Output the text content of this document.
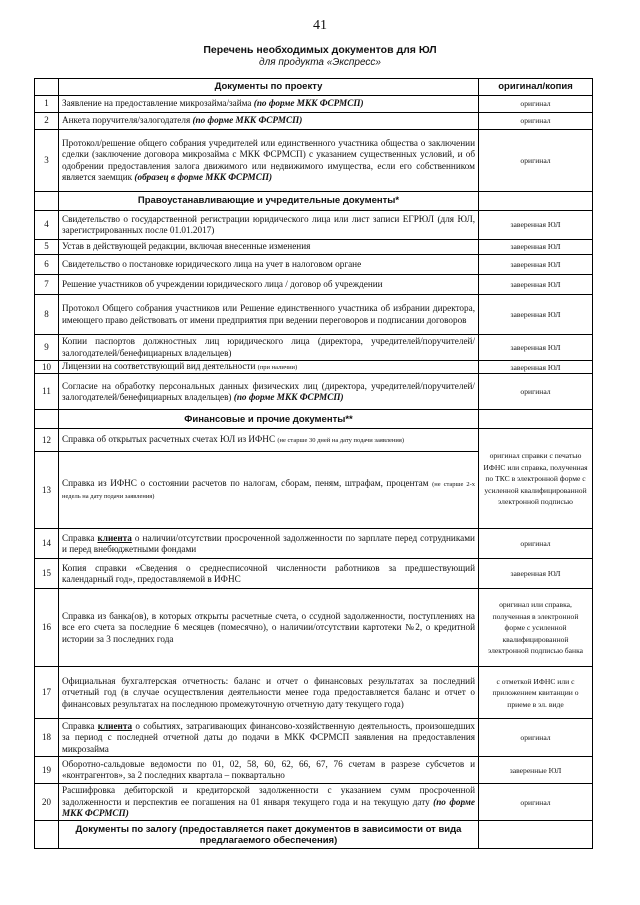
41
Перечень необходимых документов для ЮЛ
для продукта «Экспресс»
	Документы по проекту	оригинал/копия
1	Заявление на предоставление микрозайма/займа (по форме МКК ФСРМСП)	оригинал
2	Анкета поручителя/залогодателя (по форме МКК ФСРМСП)	оригинал
3	Протокол/решение общего собрания учредителей или единственного участника общества о заключении сделки (заключение договора микрозайма с МКК ФСРМСП) с указанием существенных условий, и об одобрении предоставления залога движимого или недвижимого имущества, если его собственником является заемщик (образец в форме МКК ФСРМСП)	оригинал
	Правоустанавливающие и учредительные документы*	
4	Свидетельство о государственной регистрации юридического лица или лист записи ЕГРЮЛ (для ЮЛ, зарегистрированных после 01.01.2017)	заверенная ЮЛ
5	Устав в действующей редакции, включая внесенные изменения	заверенная ЮЛ
6	Свидетельство о постановке юридического лица на учет в налоговом органе	заверенная ЮЛ
7	Решение участников об учреждении юридического лица / договор об учреждении	заверенная ЮЛ
8	Протокол Общего собрания участников или Решение единственного участника об избрании директора, имеющего право действовать от имени предприятия при ведении переговоров и подписании договоров	заверенная ЮЛ
9	Копии паспортов должностных лиц юридического лица (директора, учредителей/поручителей/залогодателей/бенефициарных владельцев)	заверенная ЮЛ
10	Лицензии на соответствующий вид деятельности (при наличии)	заверенная ЮЛ
11	Согласие на обработку персональных данных физических лиц (директора, учредителей/поручителей/залогодателей/бенефициарных владельцев) (по форме МКК ФСРМСП)	оригинал
	Финансовые и прочие документы**	
12	Справка об открытых расчетных счетах ЮЛ из ИФНС (не старше 30 дней на дату подачи заявления)	оригинал справки с печатью ИФНС или справка, полученная по ТКС в электронной форме с усиленной квалифицированной электронной подписью
13	Справка из ИФНС о состоянии расчетов по налогам, сборам, пеням, штрафам, процентам (не старше 2-х недель на дату подачи заявления)	
14	Справка клиента о наличии/отсутствии просроченной задолженности по зарплате перед сотрудниками и перед внебюджетными фондами	оригинал
15	Копия справки «Сведения о среднесписочной численности работников за предшествующий календарный год», предоставляемой в ИФНС	заверенная ЮЛ
16	Справка из банка(ов), в которых открыты расчетные счета, о ссудной задолженности, поступлениях на все его счета за последние 6 месяцев (помесячно), о наличии/отсутствии картотеки №2, о кредитной истории за 3 последних года	оригинал или справка, полученная в электронной форме с усиленной квалифицированной электронной подписью банка
17	Официальная бухгалтерская отчетность: баланс и отчет о финансовых результатах за последний отчетный год (в случае осуществления деятельности менее года предоставляется баланс и отчет о финансовых результатах на последнюю промежуточную отчетную дату текущего года)	с отметкой ИФНС или с приложением квитанции о приеме в эл. виде
18	Справка клиента о событиях, затрагивающих финансово-хозяйственную деятельность, произошедших за период с последней отчетной даты до подачи в МКК ФСРМСП заявления на предоставления микрозайма	оригинал
19	Оборотно-сальдовые ведомости по 01, 02, 58, 60, 62, 66, 67, 76 счетам в разрезе субсчетов и «контрагентов», за 2 последних квартала – поквартально	заверенные ЮЛ
20	Расшифровка дебиторской и кредиторской задолженности с указанием сумм просроченной задолженности и перспектив ее погашения на 01 января текущего года и на текущую дату (по форме МКК ФСРМСП)	оригинал
	Документы по залогу (предоставляется пакет документов в зависимости от вида предлагаемого обеспечения)	
